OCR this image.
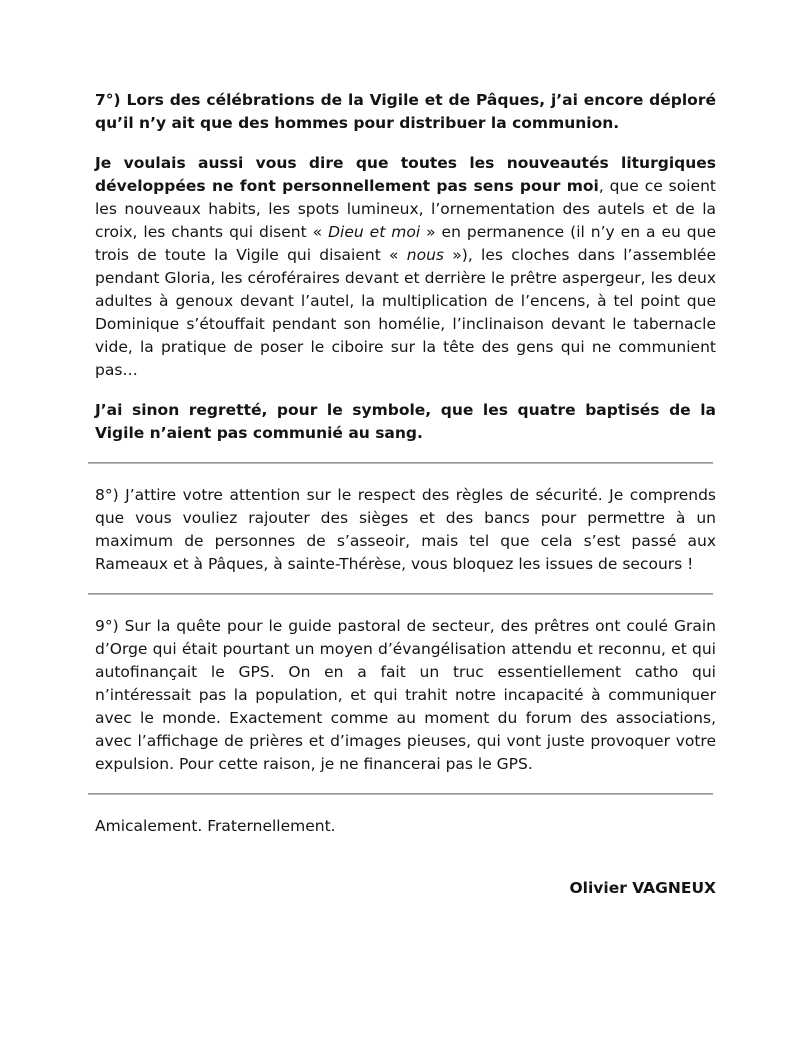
7°) Lors des célébrations de la Vigile et de Pâques, j’ai encore déploré qu’il n’y ait que des hommes pour distribuer la communion.

Je voulais aussi vous dire que toutes les nouveautés liturgiques développées ne font personnellement pas sens pour moi, que ce soient les nouveaux habits, les spots lumineux, l’ornementation des autels et de la croix, les chants qui disent « Dieu et moi » en permanence (il n’y en a eu que trois de toute la Vigile qui disaient « nous »), les cloches dans l’assemblée pendant Gloria, les céroféraires devant et derrière le prêtre aspergeur, les deux adultes à genoux devant l’autel, la multiplication de l’encens, à tel point que Dominique s’étouffait pendant son homélie, l’inclinaison devant le tabernacle vide, la pratique de poser le ciboire sur la tête des gens qui ne communient pas…

J’ai sinon regretté, pour le symbole, que les quatre baptisés de la Vigile n’aient pas communié au sang.

8°) J’attire votre attention sur le respect des règles de sécurité. Je comprends que vous vouliez rajouter des sièges et des bancs pour permettre à un maximum de personnes de s’asseoir, mais tel que cela s’est passé aux Rameaux et à Pâques, à sainte-Thérèse, vous bloquez les issues de secours !

9°) Sur la quête pour le guide pastoral de secteur, des prêtres ont coulé Grain d’Orge qui était pourtant un moyen d’évangélisation attendu et reconnu, et qui autofinançait le GPS. On en a fait un truc essentiellement catho qui n’intéressait pas la population, et qui trahit notre incapacité à communiquer avec le monde. Exactement comme au moment du forum des associations, avec l’affichage de prières et d’images pieuses, qui vont juste provoquer votre expulsion. Pour cette raison, je ne financerai pas le GPS.

Amicalement. Fraternellement.

Olivier VAGNEUX
